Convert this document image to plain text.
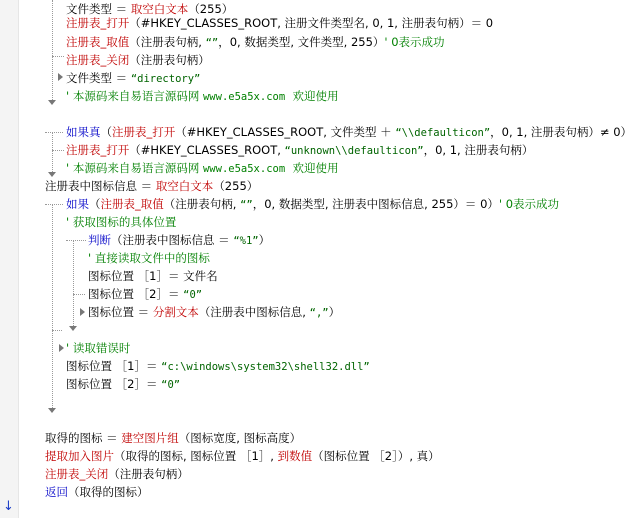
↓
文件类型 ＝ 取空白文本（255）
注册表_打开（#HKEY_CLASSES_ROOT, 注册文件类型名, 0, 1, 注册表句柄）＝ 0
注册表_取值（注册表句柄, “”，0, 数据类型, 文件类型, 255）' 0表示成功
注册表_关闭（注册表句柄）
文件类型 ＝ “directory”
' 本源码来自易语言源码网 www.e5a5x.com  欢迎使用
如果真（注册表_打开（#HKEY_CLASSES_ROOT, 文件类型 ＋ “\\defaulticon”，0, 1, 注册表句柄）≠ 0）
注册表_打开（#HKEY_CLASSES_ROOT, “unknown\\defaulticon”，0, 1, 注册表句柄）
' 本源码来自易语言源码网 www.e5a5x.com  欢迎使用
注册表中图标信息 ＝ 取空白文本（255）
如果（注册表_取值（注册表句柄, “”，0, 数据类型, 注册表中图标信息, 255）＝ 0）' 0表示成功
' 获取图标的具体位置
判断（注册表中图标信息 ＝ “%1”）
' 直接读取文件中的图标
图标位置 ［1］＝ 文件名
图标位置 ［2］＝ “0”
图标位置 ＝ 分割文本（注册表中图标信息, “,”）
' 读取错误时
图标位置 ［1］＝ “c:\windows\system32\shell32.dll”
图标位置 ［2］＝ “0”
取得的图标 ＝ 建空图片组（图标宽度, 图标高度）
提取加入图片（取得的图标, 图标位置 ［1］, 到数值（图标位置 ［2］）, 真）
注册表_关闭（注册表句柄）
返回（取得的图标）
